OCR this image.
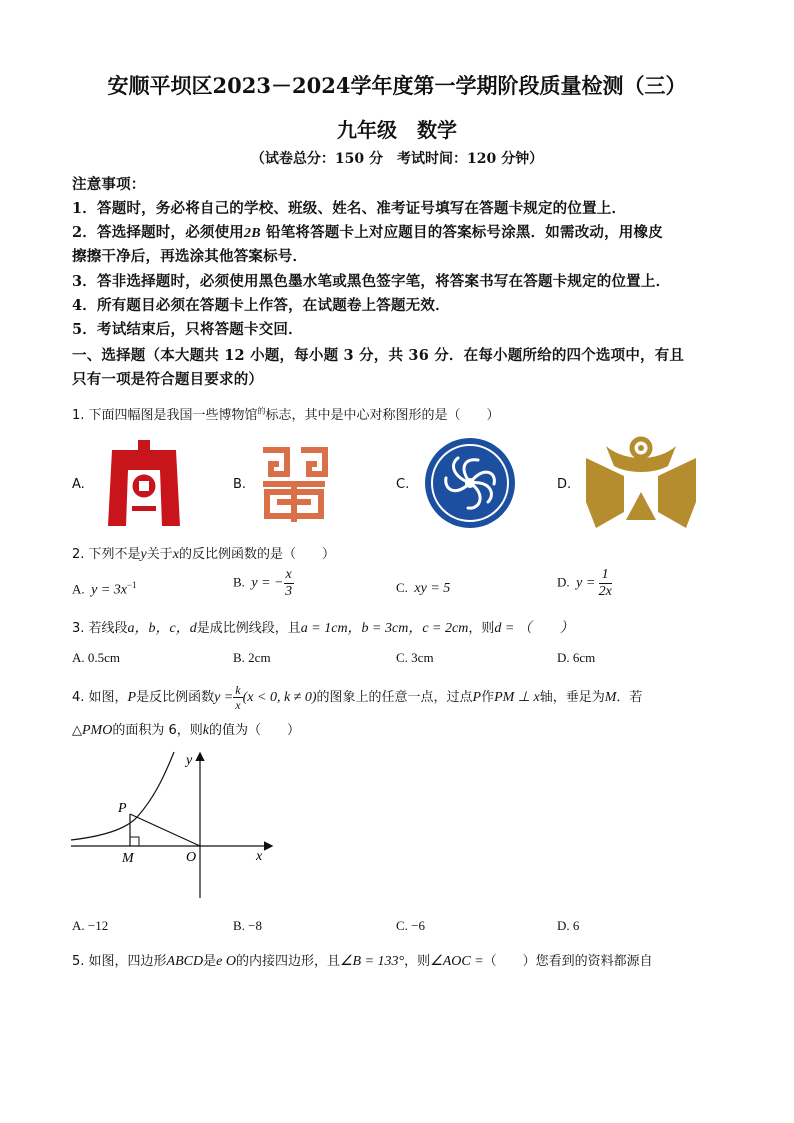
安顺平坝区2023－2024学年度第一学期阶段质量检测（三）
九年级　数学
（试卷总分：150 分　考试时间：120 分钟）
注意事项：
1．答题时，务必将自己的学校、班级、姓名、准考证号填写在答题卡规定的位置上．
2．答选择题时，必须使用2B 铅笔将答题卡上对应题目的答案标号涂黑．如需改动，用橡皮
擦擦干净后，再选涂其他答案标号．
3．答非选择题时，必须使用黑色墨水笔或黑色签字笔，将答案书写在答题卡规定的位置上．
4．所有题目必须在答题卡上作答，在试题卷上答题无效．
5．考试结束后，只将答题卡交回．
一、选择题（本大题共 12 小题，每小题 3 分，共 36 分．在每小题所给的四个选项中，有且
只有一项是符合题目要求的）
1. 下面四幅图是我国一些博物馆$^的$标志，其中是中心对称图形的是（　　）
A.	B.	C.	D.
2. 下列不是y关于x的反比例函数的是（　　）
A. $y = 3x^{-1}$	B. y = − $\frac{x}{3}$	C. xy = 5	D. $y = \frac{1}{2x}$
3. 若线段a，b，c，d是成比例线段，且a = 1cm，b = 3cm，c = 2cm，则d = （　　）
A. 0.5cm	B. 2cm	C. 3cm	D. 6cm
4. 如图，P是反比例函数$y = \frac{k}{x} (x < 0$, k ≠ 0)的图象上的任意一点，过点P作PM ⊥ x轴，垂足为M．若
△PMO的面积为 6，则k的值为（　　）
y
x
P
M	O
A. −12	B. −8	C. −6	D. 6
5. 如图，四边形ABCD是e O的内接四边形，且∠B = 133°，则∠AOC =（　　）您看到的资料都源自
